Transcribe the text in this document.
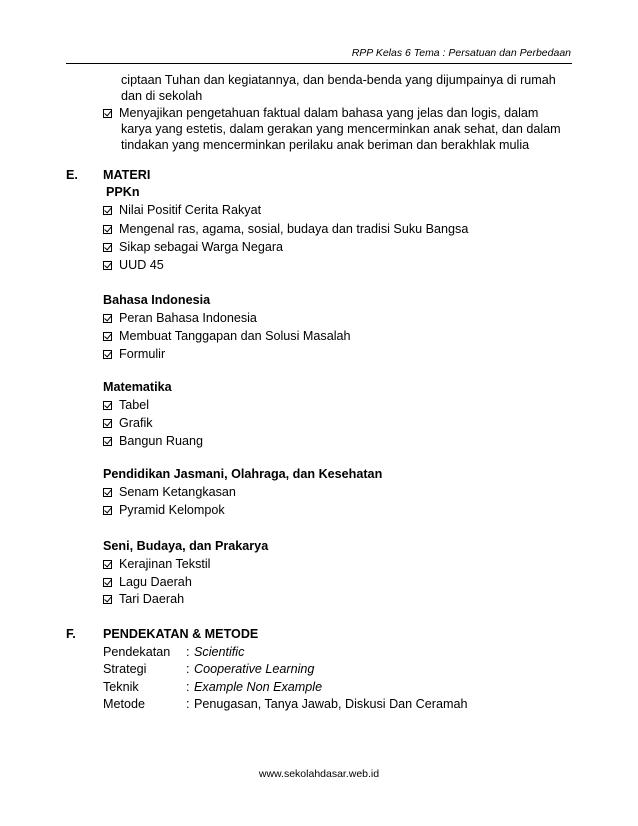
RPP Kelas 6 Tema : Persatuan dan Perbedaan
ciptaan Tuhan dan kegiatannya, dan benda-benda yang dijumpainya di rumah
dan di sekolah
Menyajikan pengetahuan faktual dalam bahasa yang jelas dan logis, dalam
karya yang estetis, dalam gerakan yang mencerminkan anak sehat, dan dalam
tindakan yang mencerminkan perilaku anak beriman dan berakhlak mulia
E. MATERI
PPKn
Nilai Positif Cerita Rakyat
Mengenal ras, agama, sosial, budaya dan tradisi Suku Bangsa
Sikap sebagai Warga Negara
UUD 45
Bahasa Indonesia
Peran Bahasa Indonesia
Membuat Tanggapan dan Solusi Masalah
Formulir
Matematika
Tabel
Grafik
Bangun Ruang
Pendidikan Jasmani, Olahraga, dan Kesehatan
Senam Ketangkasan
Pyramid Kelompok
Seni, Budaya, dan Prakarya
Kerajinan Tekstil
Lagu Daerah
Tari Daerah
F. PENDEKATAN & METODE
Pendekatan : Scientific
Strategi	: Cooperative Learning
Teknik	: Example Non Example
Metode	: Penugasan, Tanya Jawab, Diskusi Dan Ceramah
www.sekolahdasar.web.id
